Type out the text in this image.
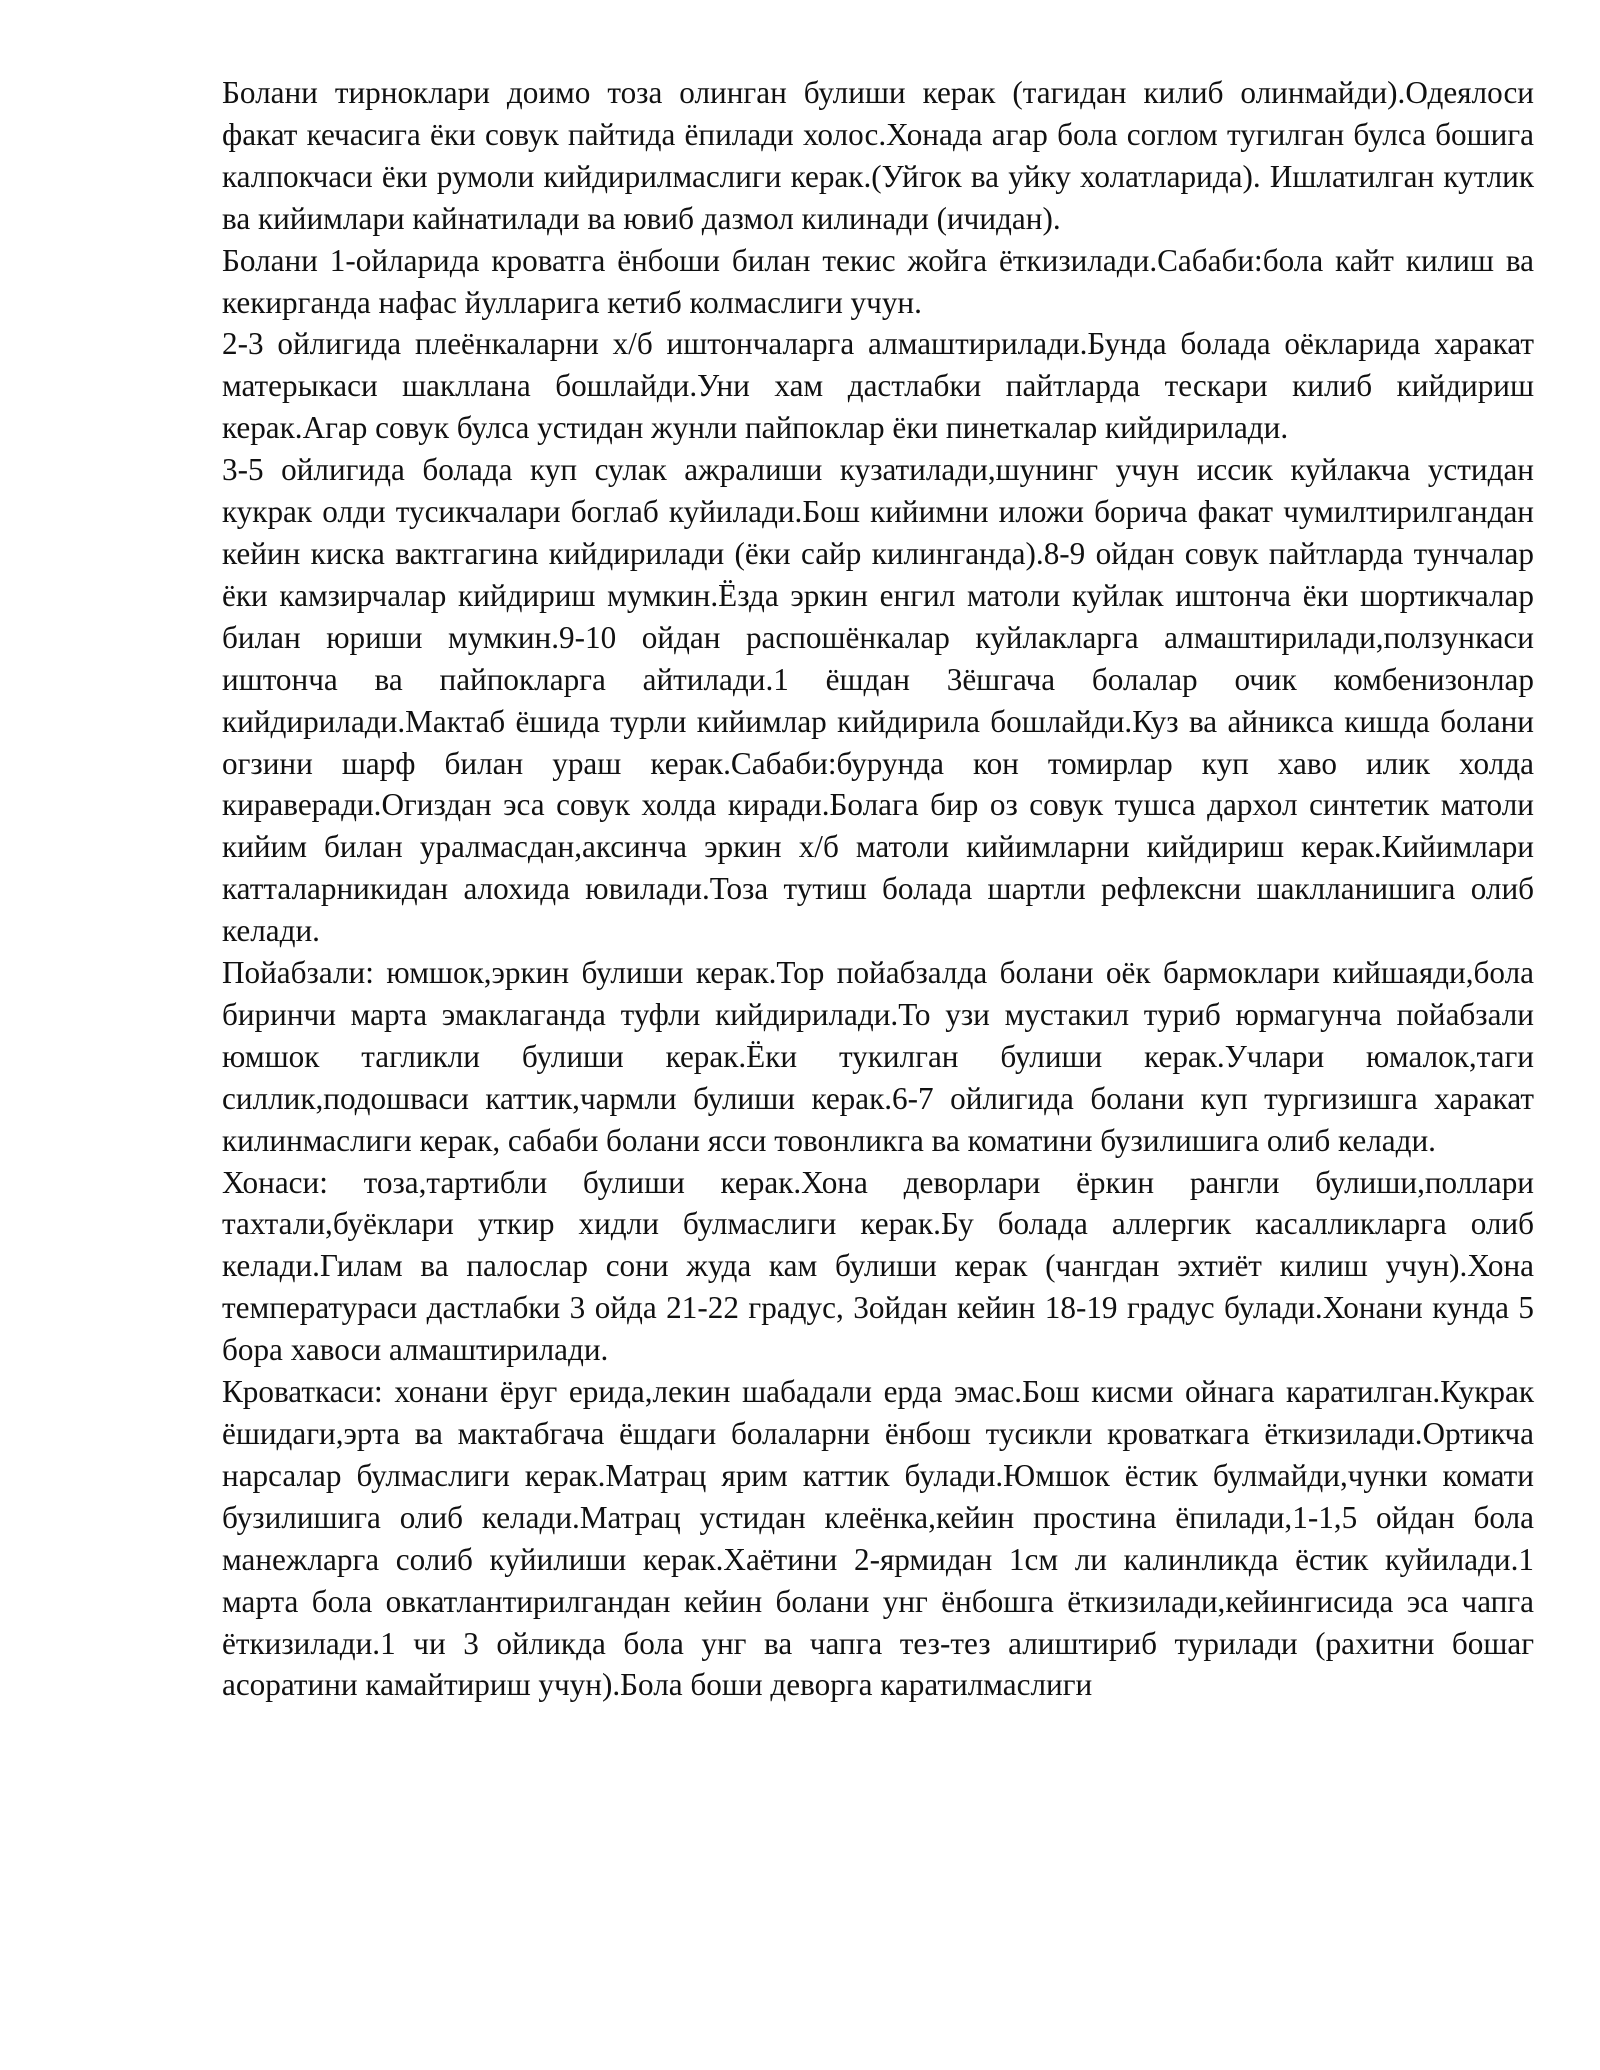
Болани тирноклари доимо тоза олинган булиши керак (тагидан килиб олинмайди).Одеялоси факат кечасига ёки совук пайтида ёпилади холос.Хонада агар бола соглом тугилган булса бошига калпокчаси ёки румоли кийдирилмаслиги керак.(Уйгок ва уйку холатларида). Ишлатилган кутлик ва кийимлари кайнатилади ва ювиб дазмол килинади (ичидан).

Болани 1-ойларида кроватга ёнбоши билан текис жойга ёткизилади.Сабаби:бола кайт килиш ва кекирганда нафас йулларига кетиб колмаслиги учун.

2-3 ойлигида плеёнкаларни х/б иштончаларга алмаштирилади.Бунда болада оёкларида харакат матерыкаси шакллана бошлайди.Уни хам дастлабки пайтларда тескари килиб кийдириш керак.Агар совук булса устидан жунли пайпоклар ёки пинеткалар кийдирилади.

3-5 ойлигида болада куп сулак ажралиши кузатилади,шунинг учун иссик куйлакча устидан кукрак олди тусикчалари боглаб куйилади.Бош кийимни иложи борича факат чумилтирилгандан кейин киска вактгагина кийдирилади (ёки сайр килинганда).8-9 ойдан совук пайтларда тунчалар ёки камзирчалар кийдириш мумкин.Ёзда эркин енгил матоли куйлак иштонча ёки шортикчалар билан юриши мумкин.9-10 ойдан распошёнкалар куйлакларга алмаштирилади,ползункаси иштонча ва пайпокларга айтилади.1 ёшдан 3ёшгача болалар очик комбенизонлар кийдирилади.Мактаб ёшида турли кийимлар кийдирила бошлайди.Куз ва айникса кишда болани огзини шарф билан ураш керак.Сабаби:бурунда кон томирлар куп хаво илик холда кираверади.Огиздан эса совук холда киради.Болага бир оз совук тушса дархол синтетик матоли кийим билан уралмасдан,аксинча эркин х/б матоли кийимларни кийдириш керак.Кийимлари катталарникидан алохида ювилади.Тоза тутиш болада шартли рефлексни шаклланишига олиб келади.

Пойабзали: юмшок,эркин булиши керак.Тор пойабзалда болани оёк бармоклари кийшаяди,бола биринчи марта эмаклаганда туфли кийдирилади.То узи мустакил туриб юрмагунча пойабзали юмшок тагликли булиши керак.Ёки тукилган булиши керак.Учлари юмалок,таги силлик,подошваси каттик,чармли булиши керак.6-7 ойлигида болани куп тургизишга харакат килинмаслиги керак, сабаби болани ясси товонликга ва коматини бузилишига олиб келади.

Хонаси: тоза,тартибли булиши керак.Хона деворлари ёркин рангли булиши,поллари тахтали,буёклари уткир хидли булмаслиги керак.Бу болада аллергик касалликларга олиб келади.Гилам ва палослар сони жуда кам булиши керак (чангдан эхтиёт килиш учун).Хона температураси дастлабки 3 ойда 21-22 градус, 3ойдан кейин 18-19 градус булади.Хонани кунда 5 бора хавоси алмаштирилади.

Кроваткаси: хонани ёруг ерида,лекин шабадали ерда эмас.Бош кисми ойнага каратилган.Кукрак ёшидаги,эрта ва мактабгача ёшдаги болаларни ёнбош тусикли кроваткага ёткизилади.Ортикча нарсалар булмаслиги керак.Матрац ярим каттик булади.Юмшок ёстик булмайди,чунки комати бузилишига олиб келади.Матрац устидан клеёнка,кейин простина ёпилади,1-1,5 ойдан бола манежларга солиб куйилиши керак.Хаётини 2-ярмидан 1см ли калинликда ёстик куйилади.1 марта бола овкатлантирилгандан кейин болани унг ёнбошга ёткизилади,кейингисида эса чапга ёткизилади.1 чи 3 ойликда бола унг ва чапга тез-тез алиштириб турилади (рахитни бошаг асоратини камайтириш учун).Бола боши деворга каратилмаслиги
